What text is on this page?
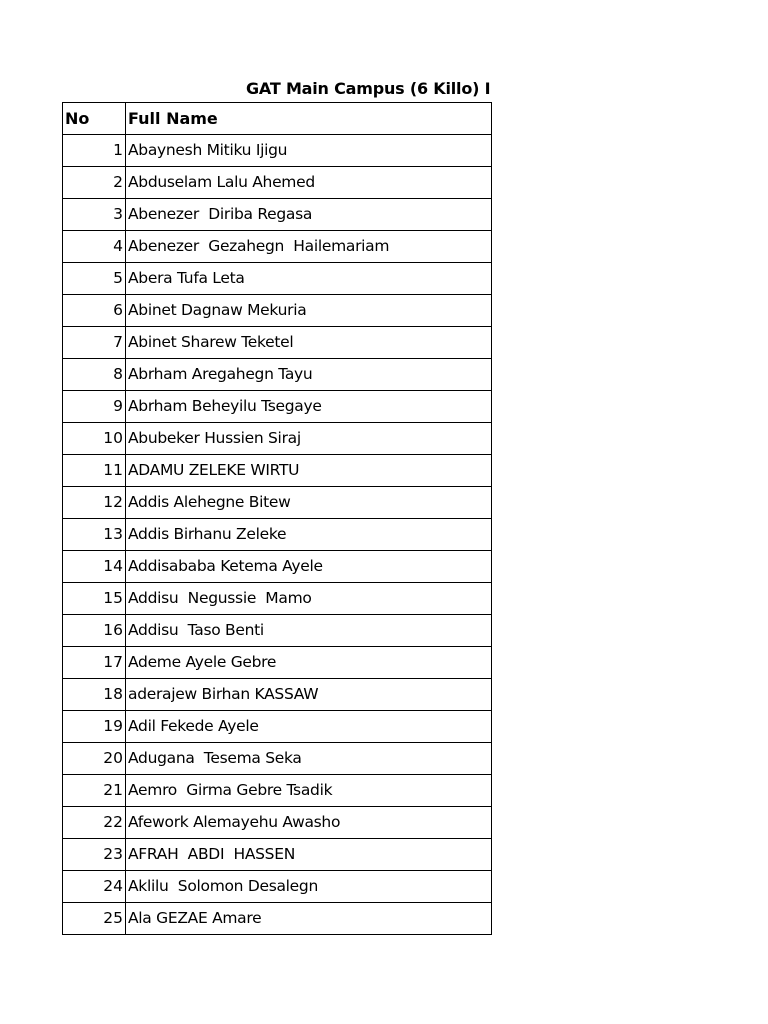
GAT Main Campus (6 Killo) I
No	Full Name
1	Abaynesh Mitiku Ijigu
2	Abduselam Lalu Ahemed
3	Abenezer  Diriba Regasa
4	Abenezer  Gezahegn  Hailemariam
5	Abera Tufa Leta
6	Abinet Dagnaw Mekuria
7	Abinet Sharew Teketel
8	Abrham Aregahegn Tayu
9	Abrham Beheyilu Tsegaye
10	Abubeker Hussien Siraj
11	ADAMU ZELEKE WIRTU
12	Addis Alehegne Bitew
13	Addis Birhanu Zeleke
14	Addisababa Ketema Ayele
15	Addisu  Negussie  Mamo
16	Addisu  Taso Benti
17	Ademe Ayele Gebre
18	aderajew Birhan KASSAW
19	Adil Fekede Ayele
20	Adugana  Tesema Seka
21	Aemro  Girma Gebre Tsadik
22	Afework Alemayehu Awasho
23	AFRAH  ABDI  HASSEN
24	Aklilu  Solomon Desalegn
25	Ala GEZAE Amare
